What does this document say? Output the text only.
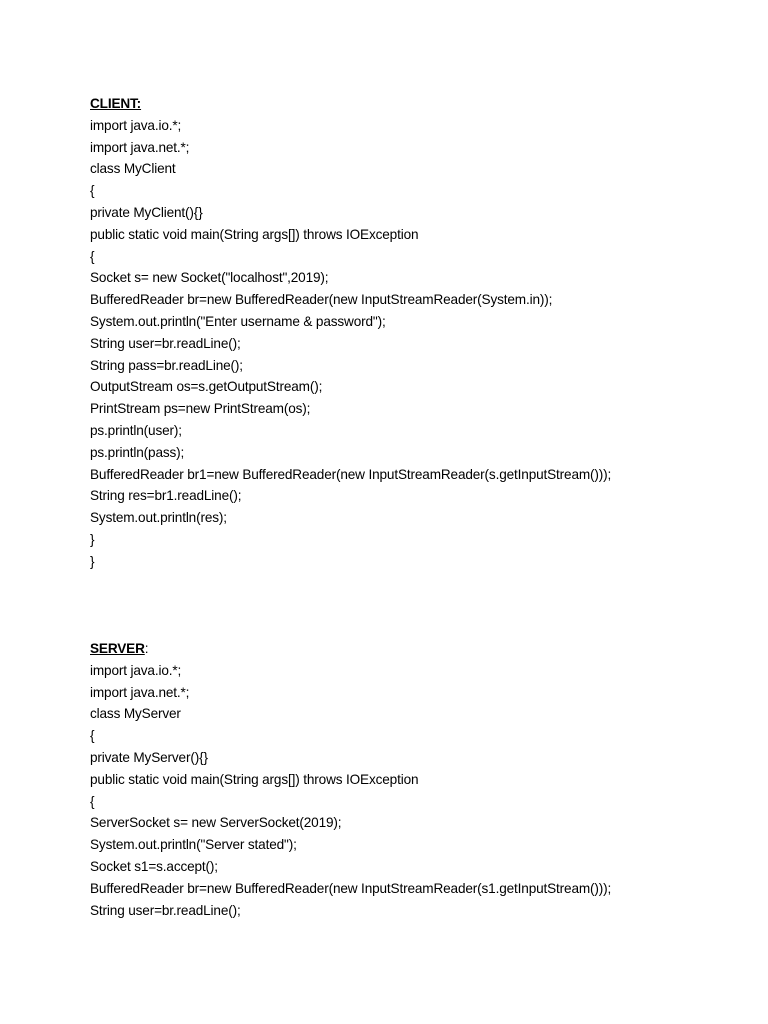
CLIENT:
import java.io.*;
import java.net.*;
class MyClient
{
private MyClient(){}
public static void main(String args[]) throws IOException
{
Socket s= new Socket("localhost",2019);
BufferedReader br=new BufferedReader(new InputStreamReader(System.in));
System.out.println("Enter username & password");
String user=br.readLine();
String pass=br.readLine();
OutputStream os=s.getOutputStream();
PrintStream ps=new PrintStream(os);
ps.println(user);
ps.println(pass);
BufferedReader br1=new BufferedReader(new InputStreamReader(s.getInputStream()));
String res=br1.readLine();
System.out.println(res);
}
}
SERVER:
import java.io.*;
import java.net.*;
class MyServer
{
private MyServer(){}
public static void main(String args[]) throws IOException
{
ServerSocket s= new ServerSocket(2019);
System.out.println("Server stated");
Socket s1=s.accept();
BufferedReader br=new BufferedReader(new InputStreamReader(s1.getInputStream()));
String user=br.readLine();
